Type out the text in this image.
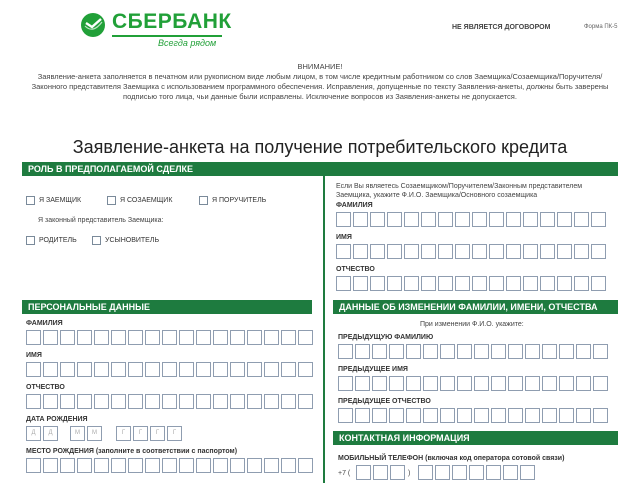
СБЕРБАНК
Всегда рядом
НЕ ЯВЛЯЕТСЯ ДОГОВОРОМ	Форма ПК-5
ВНИМАНИЕ!
Заявление-анкета заполняется в печатном или рукописном виде любым лицом, в том числе кредитным работником со слов Заемщика/Созаемщика/Поручителя/Законного представителя Заемщика с использованием программного обеспечения. Исправления, допущенные по тексту Заявления-анкеты, должны быть заверены подписью того лица, чьи данные были исправлены. Исключение вопросов из Заявления-анкеты не допускается.
Заявление-анкета на получение потребительского кредита
РОЛЬ В ПРЕДПОЛАГАЕМОЙ СДЕЛКЕ
Я ЗАЕМЩИК	Я СОЗАЕМЩИК	Я ПОРУЧИТЕЛЬ
Я законный представитель Заемщика:
РОДИТЕЛЬ	УСЫНОВИТЕЛЬ
Если Вы являетесь Созаемщиком/Поручителем/Законным представителем Заемщика, укажите Ф.И.О. Заемщика/Основного созаемщика
ФАМИЛИЯ
ИМЯ
ОТЧЕСТВО
ПЕРСОНАЛЬНЫЕ ДАННЫЕ
ФАМИЛИЯ
ИМЯ
ОТЧЕСТВО
ДАТА РОЖДЕНИЯ
Д	Д	М	М	Г	Г	Г	Г
МЕСТО РОЖДЕНИЯ (заполните в соответствии с паспортом)
ДАННЫЕ ОБ ИЗМЕНЕНИИ ФАМИЛИИ, ИМЕНИ, ОТЧЕСТВА
При изменении Ф.И.О. укажите:
ПРЕДЫДУЩУЮ ФАМИЛИЮ
ПРЕДЫДУЩЕЕ ИМЯ
ПРЕДЫДУЩЕЕ ОТЧЕСТВО
КОНТАКТНАЯ ИНФОРМАЦИЯ
МОБИЛЬНЫЙ ТЕЛЕФОН (включая код оператора сотовой связи)
+7 (	)
